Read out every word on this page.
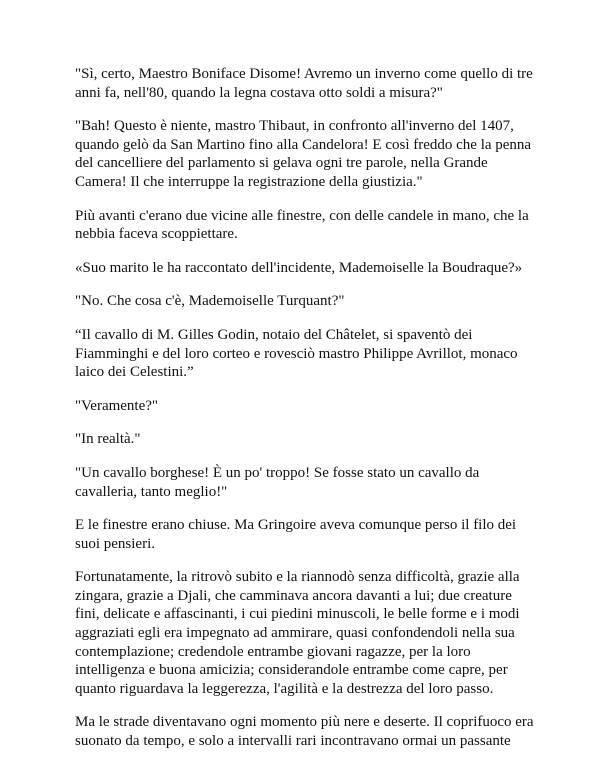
"Sì, certo, Maestro Boniface Disome! Avremo un inverno come quello di tre anni fa, nell'80, quando la legna costava otto soldi a misura?"

"Bah! Questo è niente, mastro Thibaut, in confronto all'inverno del 1407, quando gelò da San Martino fino alla Candelora! E così freddo che la penna del cancelliere del parlamento si gelava ogni tre parole, nella Grande Camera! Il che interruppe la registrazione della giustizia."

Più avanti c'erano due vicine alle finestre, con delle candele in mano, che la nebbia faceva scoppiettare.

«Suo marito le ha raccontato dell'incidente, Mademoiselle la Boudraque?»

"No. Che cosa c'è, Mademoiselle Turquant?"

“Il cavallo di M. Gilles Godin, notaio del Châtelet, si spaventò dei Fiamminghi e del loro corteo e rovesciò mastro Philippe Avrillot, monaco laico dei Celestini.”

"Veramente?"

"In realtà."

"Un cavallo borghese! È un po' troppo! Se fosse stato un cavallo da cavalleria, tanto meglio!"

E le finestre erano chiuse. Ma Gringoire aveva comunque perso il filo dei suoi pensieri.

Fortunatamente, la ritrovò subito e la riannodò senza difficoltà, grazie alla zingara, grazie a Djali, che camminava ancora davanti a lui; due creature fini, delicate e affascinanti, i cui piedini minuscoli, le belle forme e i modi aggraziati egli era impegnato ad ammirare, quasi confondendoli nella sua contemplazione; credendole entrambe giovani ragazze, per la loro intelligenza e buona amicizia; considerandole entrambe come capre, per quanto riguardava la leggerezza, l'agilità e la destrezza del loro passo.

Ma le strade diventavano ogni momento più nere e deserte. Il coprifuoco era suonato da tempo, e solo a intervalli rari incontravano ormai un passante
